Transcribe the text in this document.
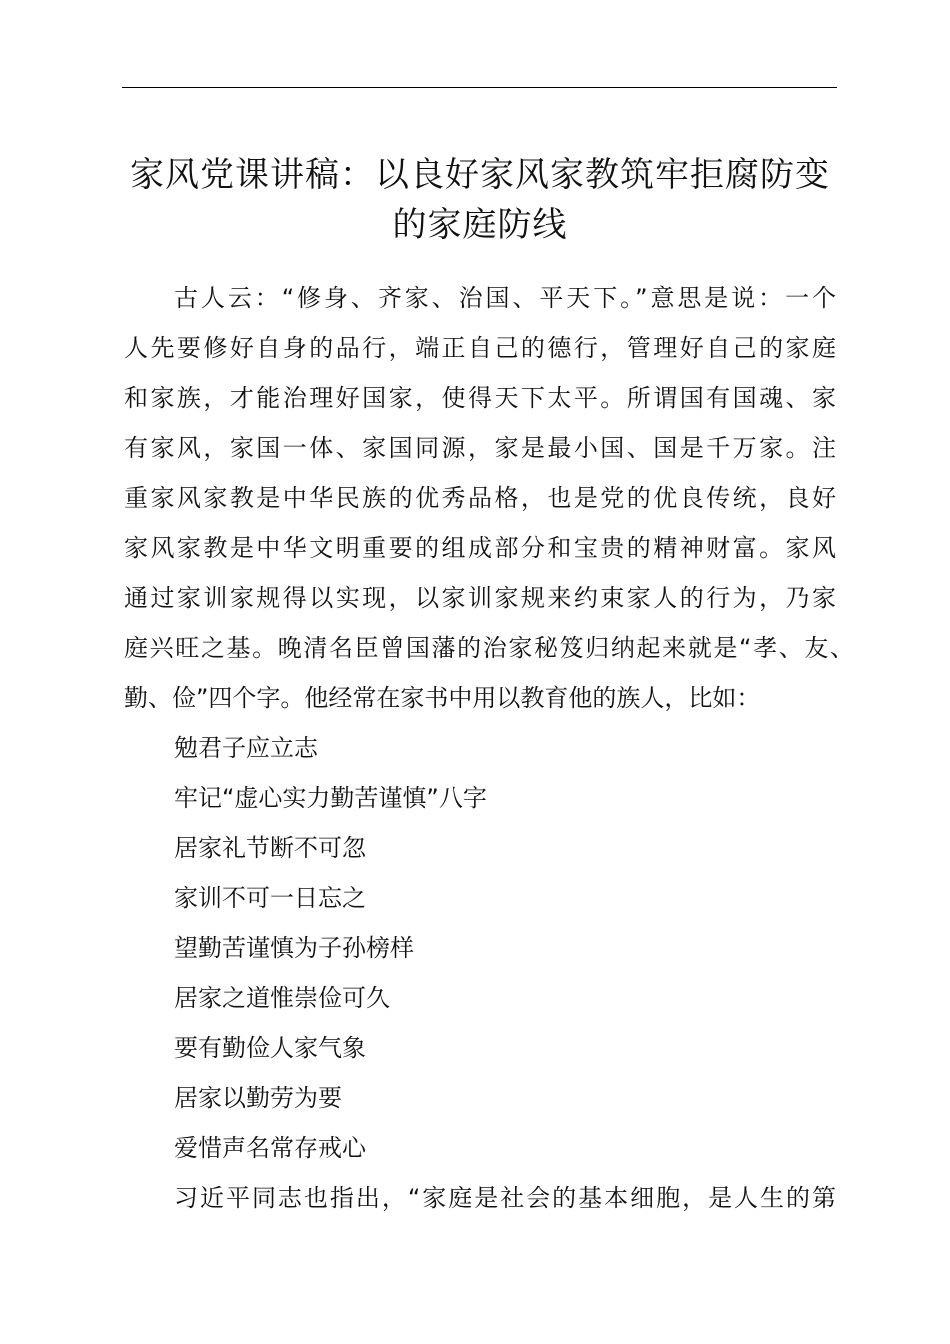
家风党课讲稿：以良好家风家教筑牢拒腐防变
的家庭防线
古人云：“修身、齐家、治国、平天下。”意思是说：一个
人先要修好自身的品行，端正自己的德行，管理好自己的家庭
和家族，才能治理好国家，使得天下太平。所谓国有国魂、家
有家风，家国一体、家国同源，家是最小国、国是千万家。注
重家风家教是中华民族的优秀品格，也是党的优良传统，良好
家风家教是中华文明重要的组成部分和宝贵的精神财富。家风
通过家训家规得以实现，以家训家规来约束家人的行为，乃家
庭兴旺之基。晚清名臣曾国藩的治家秘笈归纳起来就是“孝、友、
勤、俭”四个字。他经常在家书中用以教育他的族人，比如：
勉君子应立志
牢记“虚心实力勤苦谨慎”八字
居家礼节断不可忽
家训不可一日忘之
望勤苦谨慎为子孙榜样
居家之道惟崇俭可久
要有勤俭人家气象
居家以勤劳为要
爱惜声名常存戒心
习近平同志也指出，“家庭是社会的基本细胞，是人生的第
